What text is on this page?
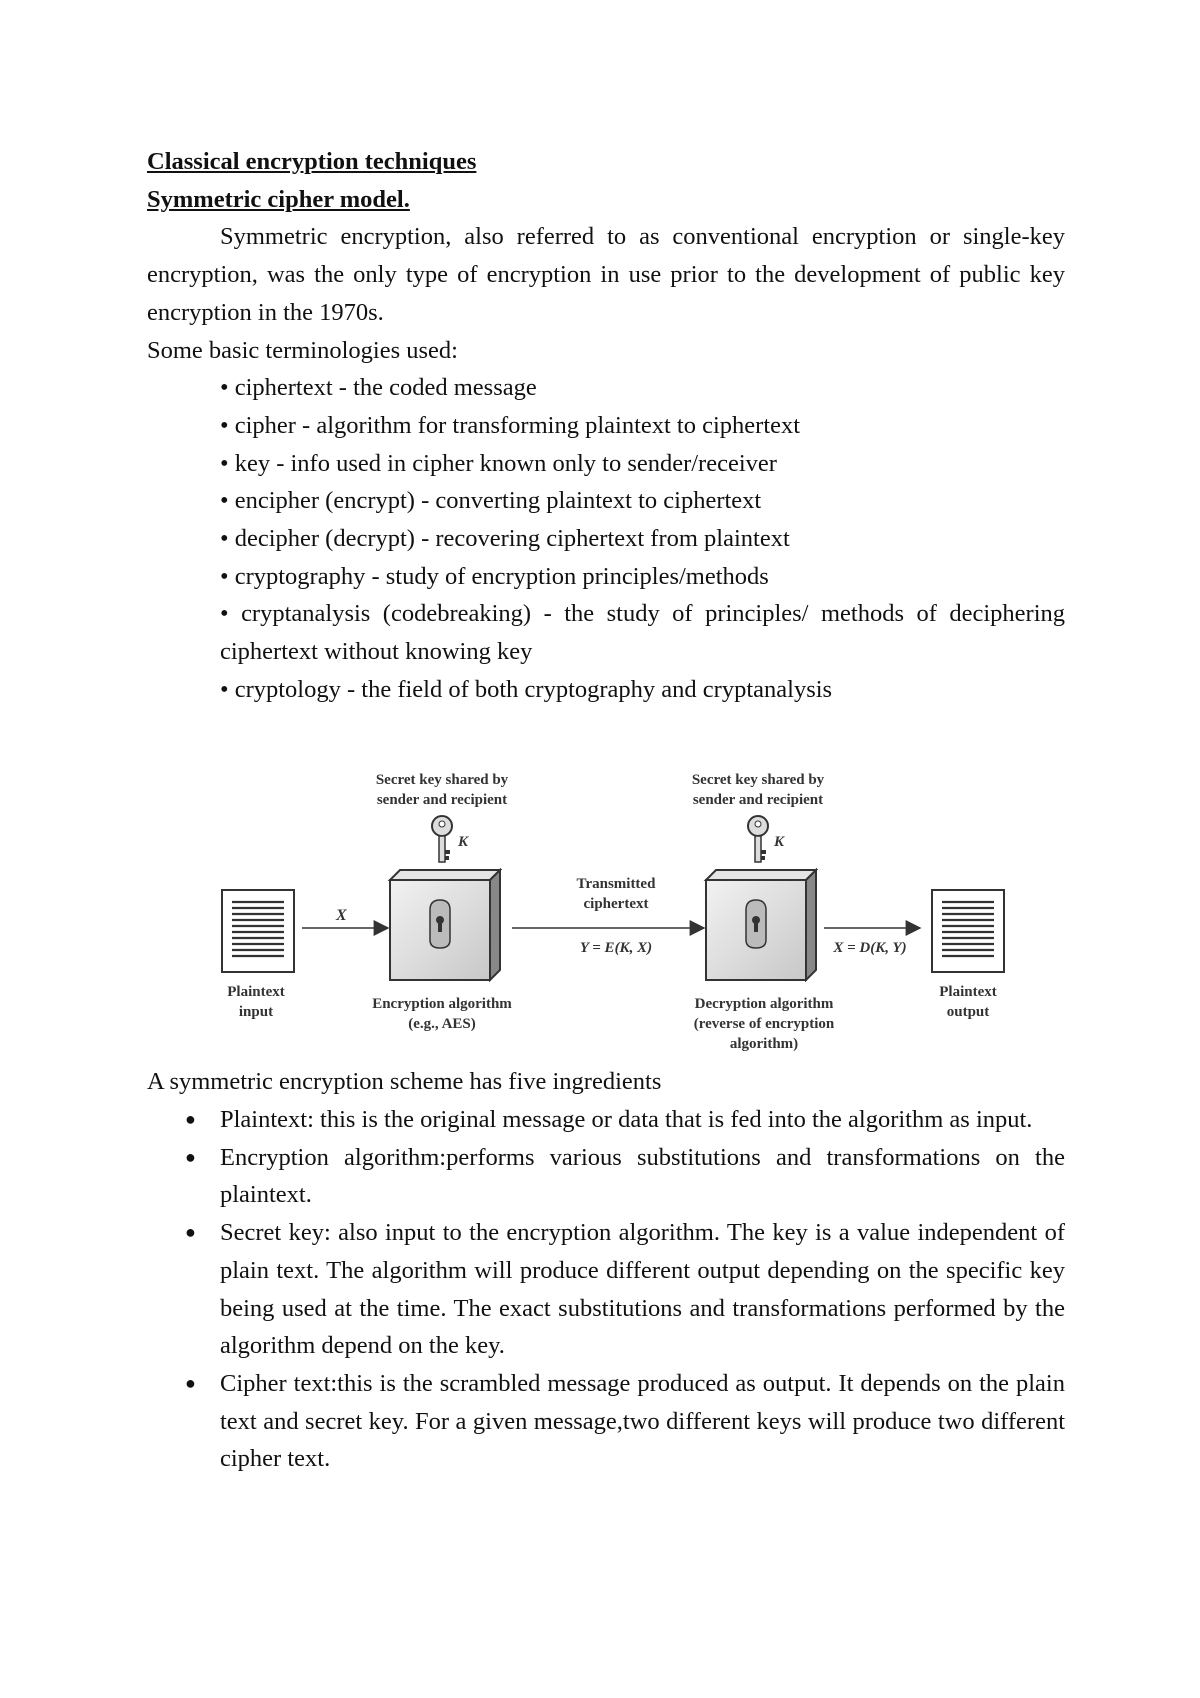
Classical encryption techniques

Symmetric cipher model.

Symmetric encryption, also referred to as conventional encryption or single-key encryption, was the only type of encryption in use prior to the development of public key encryption in the 1970s.

Some basic terminologies used:

• ciphertext - the coded message

• cipher - algorithm for transforming plaintext to ciphertext

• key - info used in cipher known only to sender/receiver

• encipher (encrypt) - converting plaintext to ciphertext

• decipher (decrypt) - recovering ciphertext from plaintext

• cryptography - study of encryption principles/methods

• cryptanalysis (codebreaking) - the study of principles/ methods of deciphering ciphertext without knowing key

• cryptology - the field of both cryptography and cryptanalysis

Plaintext
input
X
Secret key shared by
sender and recipient
K
Encryption algorithm
(e.g., AES)
Transmitted
ciphertext
Y = E(K, X)
Secret key shared by
sender and recipient
K
Decryption algorithm
(reverse of encryption
algorithm)
X = D(K, Y)
Plaintext
output

A symmetric encryption scheme has five ingredients

● Plaintext: this is the original message or data that is fed into the algorithm as input.
● Encryption algorithm:performs various substitutions and transformations on the plaintext.
● Secret key: also input to the encryption algorithm. The key is a value independent of plain text. The algorithm will produce different output depending on the specific key being used at the time. The exact substitutions and transformations performed by the algorithm depend on the key.
● Cipher text:this is the scrambled message produced as output. It depends on the plain text and secret key. For a given message,two different keys will produce two different cipher text.
